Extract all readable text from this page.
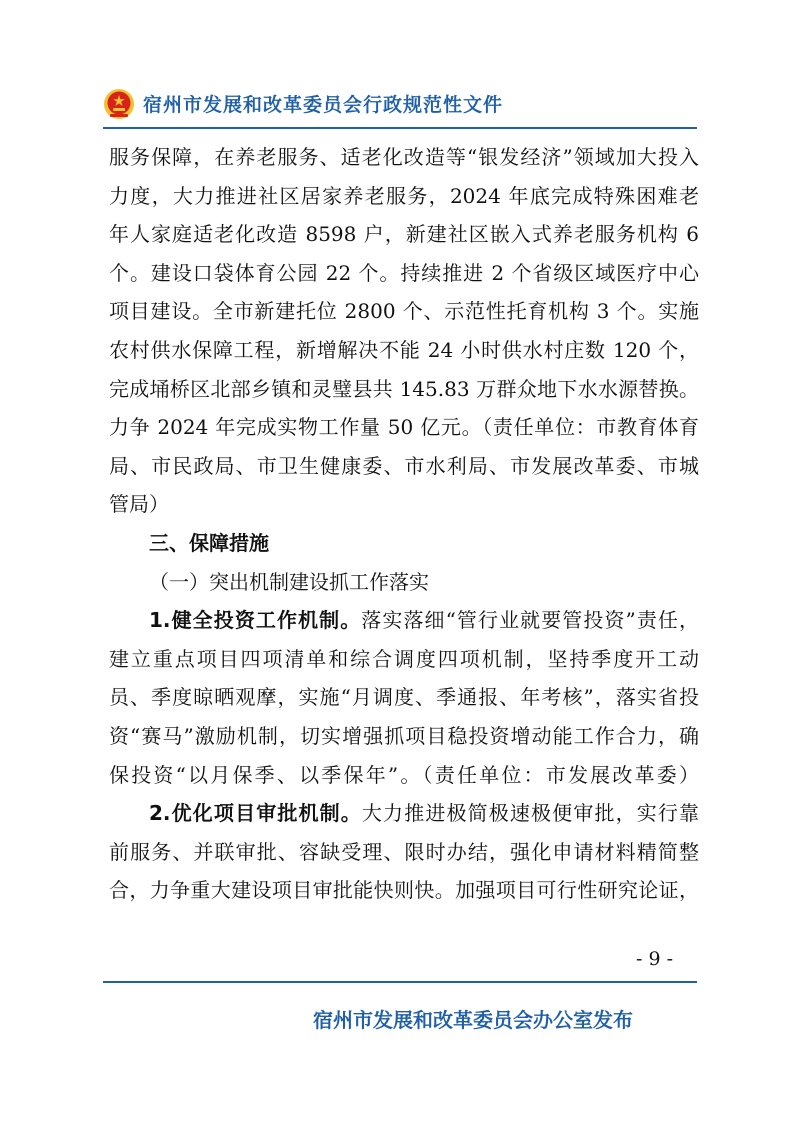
宿州市发展和改革委员会行政规范性文件
服务保障，在养老服务、适老化改造等“银发经济”领域加大投入
力度，大力推进社区居家养老服务，2024 年底完成特殊困难老
年人家庭适老化改造 8598 户，新建社区嵌入式养老服务机构 6
个。建设口袋体育公园 22 个。持续推进 2 个省级区域医疗中心
项目建设。全市新建托位 2800 个、示范性托育机构 3 个。实施
农村供水保障工程，新增解决不能 24 小时供水村庄数 120 个，
完成埇桥区北部乡镇和灵璧县共 145.83 万群众地下水水源替换。
力争 2024 年完成实物工作量 50 亿元。（责任单位：市教育体育
局、市民政局、市卫生健康委、市水利局、市发展改革委、市城
管局）
三、保障措施
（一）突出机制建设抓工作落实
1.健全投资工作机制。落实落细“管行业就要管投资”责任，
建立重点项目四项清单和综合调度四项机制，坚持季度开工动
员、季度晾晒观摩，实施“月调度、季通报、年考核”，落实省投
资“赛马”激励机制，切实增强抓项目稳投资增动能工作合力，确
保投资“以月保季、以季保年”。（责任单位：市发展改革委）
2.优化项目审批机制。大力推进极简极速极便审批，实行靠
前服务、并联审批、容缺受理、限时办结，强化申请材料精简整
合，力争重大建设项目审批能快则快。加强项目可行性研究论证，
- 9 -
宿州市发展和改革委员会办公室发布
